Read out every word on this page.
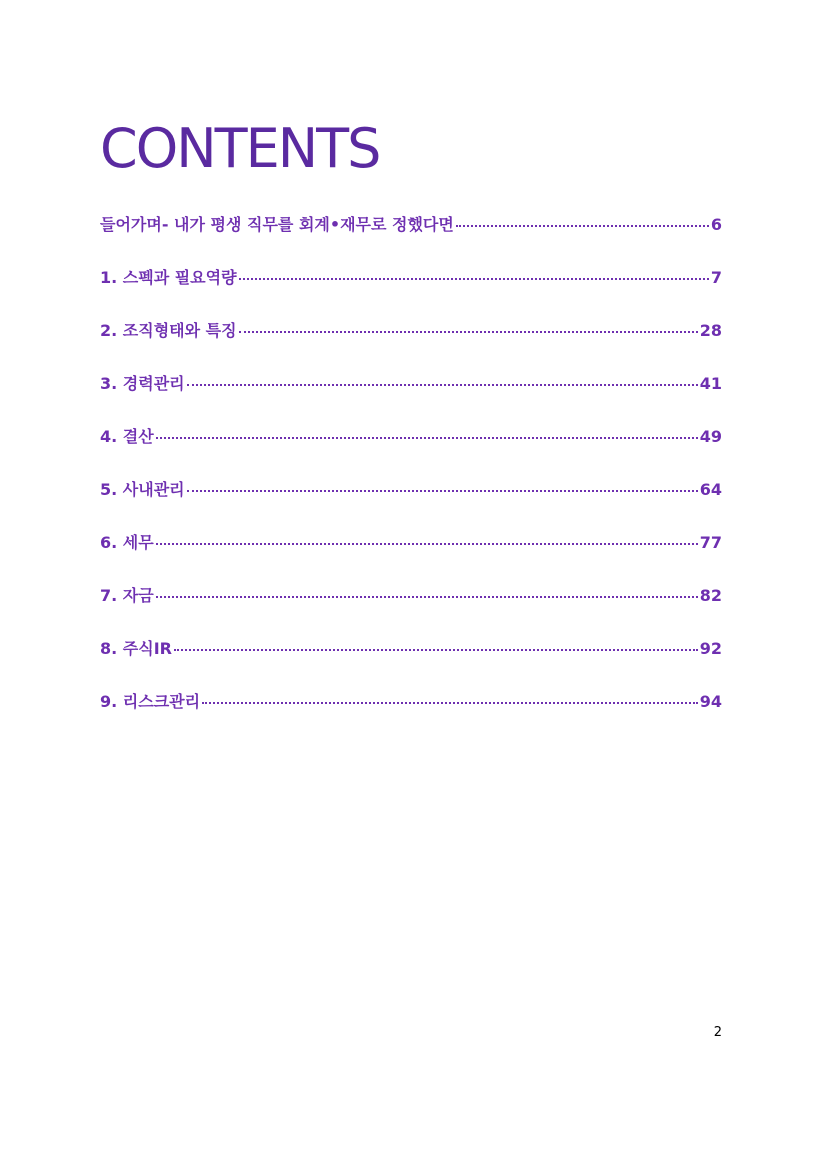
CONTENTS
들어가며- 내가 평생 직무를 회계•재무로 정했다면	6
1. 스펙과 필요역량	7
2. 조직형태와 특징	28
3. 경력관리	41
4. 결산	49
5. 사내관리	64
6. 세무	77
7. 자금	82
8. 주식IR	92
9. 리스크관리	94
2
